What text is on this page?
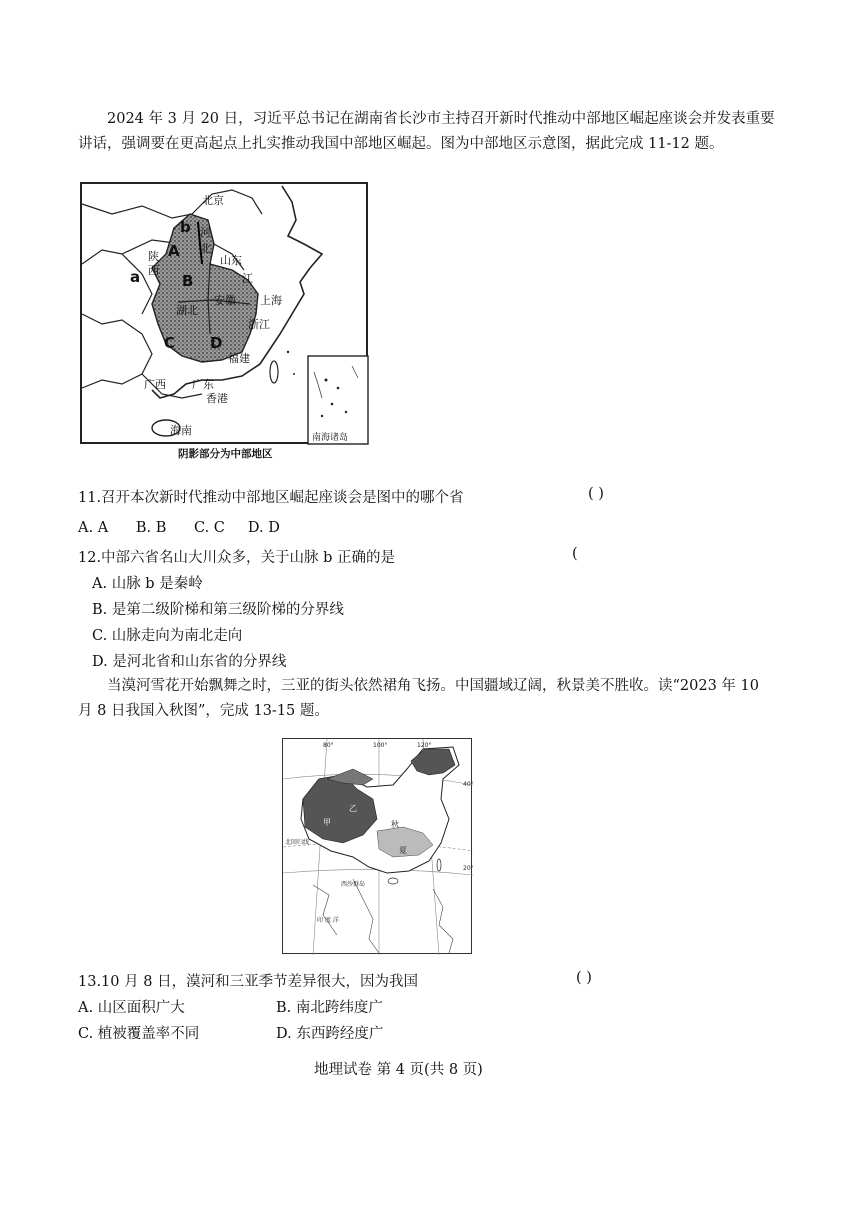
2024 年 3 月 20 日，习近平总书记在湖南省长沙市主持召开新时代推动中部地区崛起座谈会并发表重要讲话，强调要在更高起点上扎实推动我国中部地区崛起。图为中部地区示意图，据此完成 11-12 题。
北京
河
北
陕
西
山东
江
湖北
安徽 上海
浙江
福建
广西 广东
香港
海南
南海诸岛
A
B
C D
a
b
阴影部分为中部地区
11.召开本次新时代推动中部地区崛起座谈会是图中的哪个省	( )
A. A      B. B      C. C     D. D
12.中部六省名山大川众多，关于山脉 b 正确的是	(
A. 山脉 b 是秦岭
B. 是第二级阶梯和第三级阶梯的分界线
C. 山脉走向为南北走向
D. 是河北省和山东省的分界线
当漠河雪花开始飘舞之时，三亚的街头依然裙角飞扬。中国疆域辽阔，秋景美不胜收。读“2023 年 10 月 8 日我国入秋图”，完成 13-15 题。
80°	100°	120°
40°
20°
甲
乙
秋
夏
北回归线
西沙群岛
印 度 洋
13.10 月 8 日，漠河和三亚季节差异很大，因为我国	( )
A. 山区面积广大	B. 南北跨纬度广
C. 植被覆盖率不同	D. 东西跨经度广
地理试卷 第 4 页(共 8 页)
